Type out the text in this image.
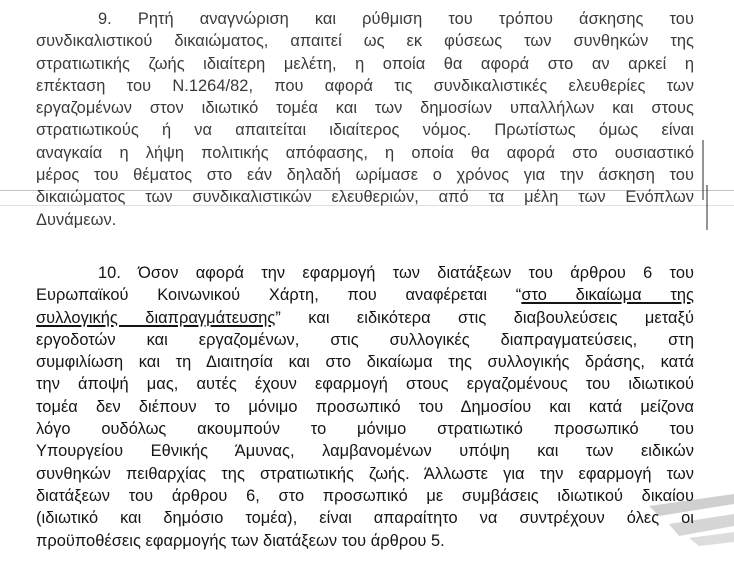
9. Ρητή αναγνώριση και ρύθμιση του τρόπου άσκησης του
συνδικαλιστικού δικαιώματος, απαιτεί ως εκ φύσεως των συνθηκών της
στρατιωτικής ζωής ιδιαίτερη μελέτη, η οποία θα αφορά στο αν αρκεί η
επέκταση του Ν.1264/82, που αφορά τις συνδικαλιστικές ελευθερίες των
εργαζομένων στον ιδιωτικό τομέα και των δημοσίων υπαλλήλων και στους
στρατιωτικούς ή να απαιτείται ιδιαίτερος νόμος. Πρωτίστως όμως είναι
αναγκαία η λήψη πολιτικής απόφασης, η οποία θα αφορά στο ουσιαστικό
μέρος του θέματος στο εάν δηλαδή ωρίμασε ο χρόνος για την άσκηση του
δικαιώματος των συνδικαλιστικών ελευθεριών, από τα μέλη των Ενόπλων
Δυνάμεων.
10. Όσον αφορά την εφαρμογή των διατάξεων του άρθρου 6 του
Ευρωπαϊκού Κοινωνικού Χάρτη, που αναφέρεται “στο δικαίωμα της
συλλογικής διαπραγμάτευσης” και ειδικότερα στις διαβουλεύσεις μεταξύ
εργοδοτών και εργαζομένων, στις συλλογικές διαπραγματεύσεις, στη
συμφιλίωση και τη Διαιτησία και στο δικαίωμα της συλλογικής δράσης, κατά
την άποψή μας, αυτές έχουν εφαρμογή στους εργαζομένους του ιδιωτικού
τομέα δεν διέπουν το μόνιμο προσωπικό του Δημοσίου και κατά μείζονα
λόγο ουδόλως ακουμπούν το μόνιμο στρατιωτικό προσωπικό του
Υπουργείου Εθνικής Άμυνας, λαμβανομένων υπόψη και των ειδικών
συνθηκών πειθαρχίας της στρατιωτικής ζωής. Άλλωστε για την εφαρμογή των
διατάξεων του άρθρου 6, στο προσωπικό με συμβάσεις ιδιωτικού δικαίου
(ιδιωτικό και δημόσιο τομέα), είναι απαραίτητο να συντρέχουν όλες οι
προϋποθέσεις εφαρμογής των διατάξεων του άρθρου 5.
